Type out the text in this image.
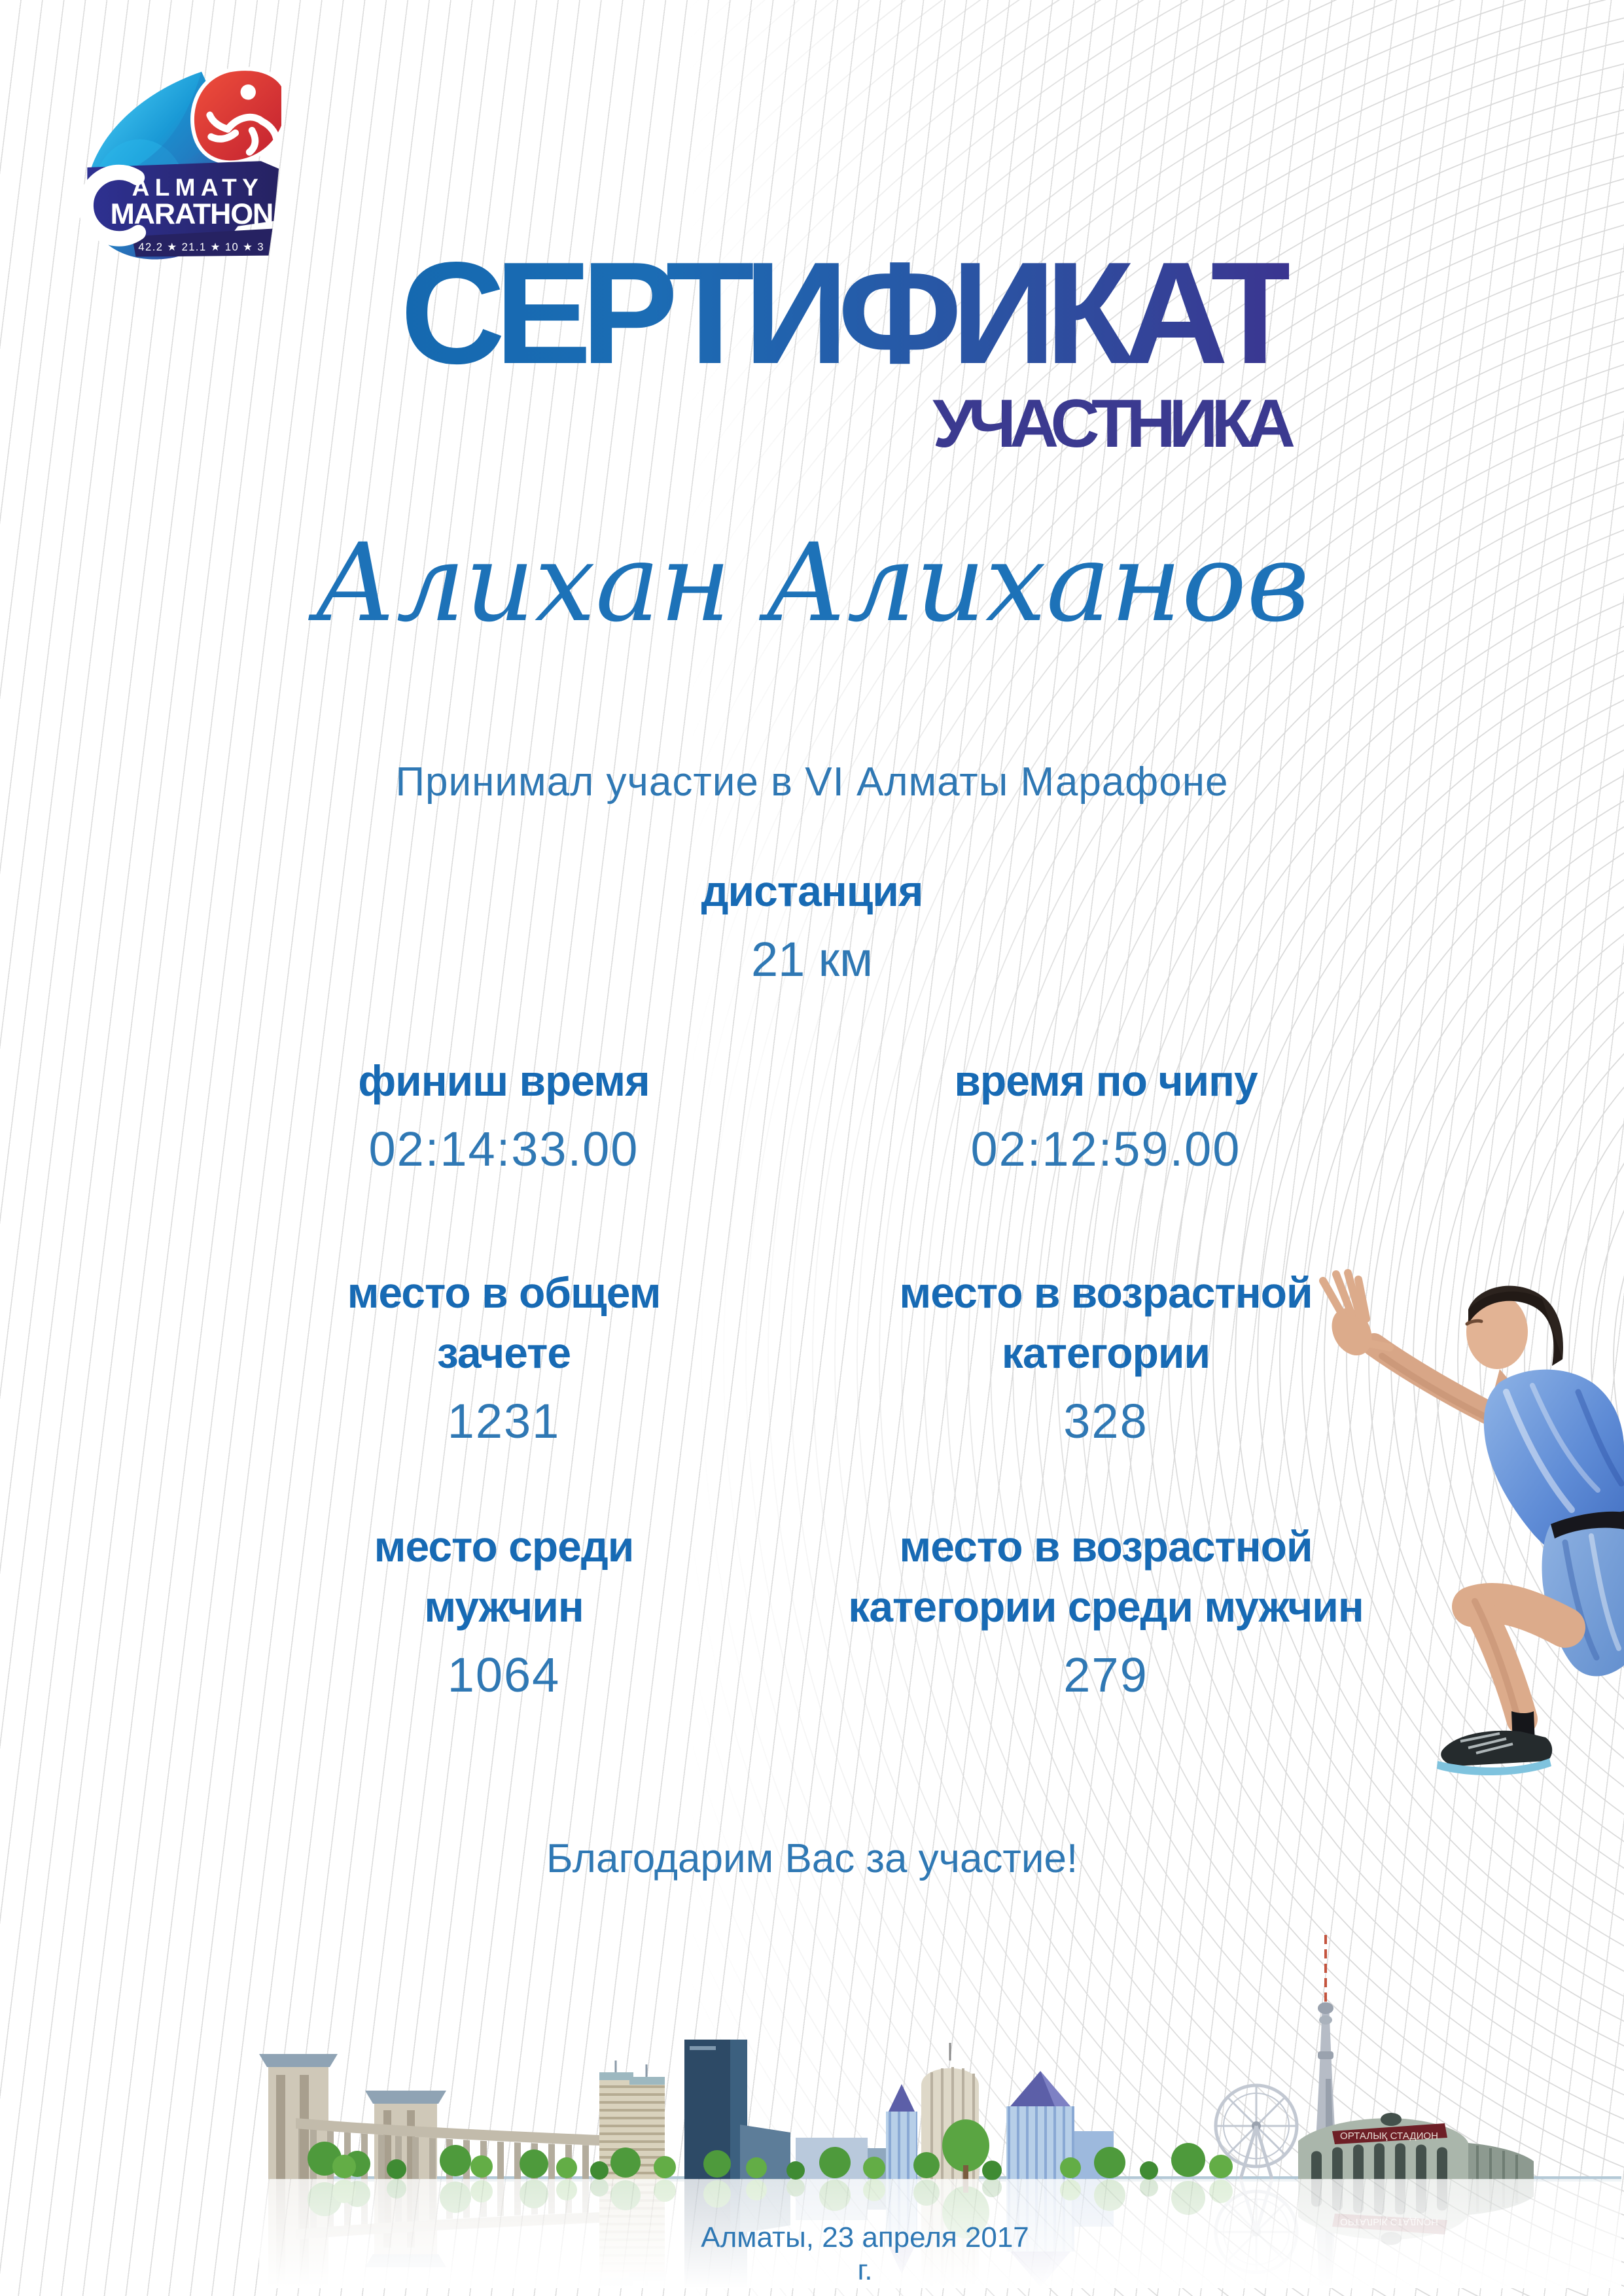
ALMATY
MARATHON
42.2 ★ 21.1 ★ 10 ★ 3 СЕРТИФИКАТ
УЧАСТНИКА
Алихан Алиханов
Принимал участие в VI Алматы Марафоне
дистанция
21 км
финиш время
02:14:33.00
время по чипу
02:12:59.00
место в общем
зачете
1231
место в возрастной
категории
328
место среди
мужчин
1064
место в возрастной
категории среди мужчин
279
Благодарим Вас за участие!
ОРТАЛЫҚ СТАДИОН
Алматы, 23 апреля 2017 г.
